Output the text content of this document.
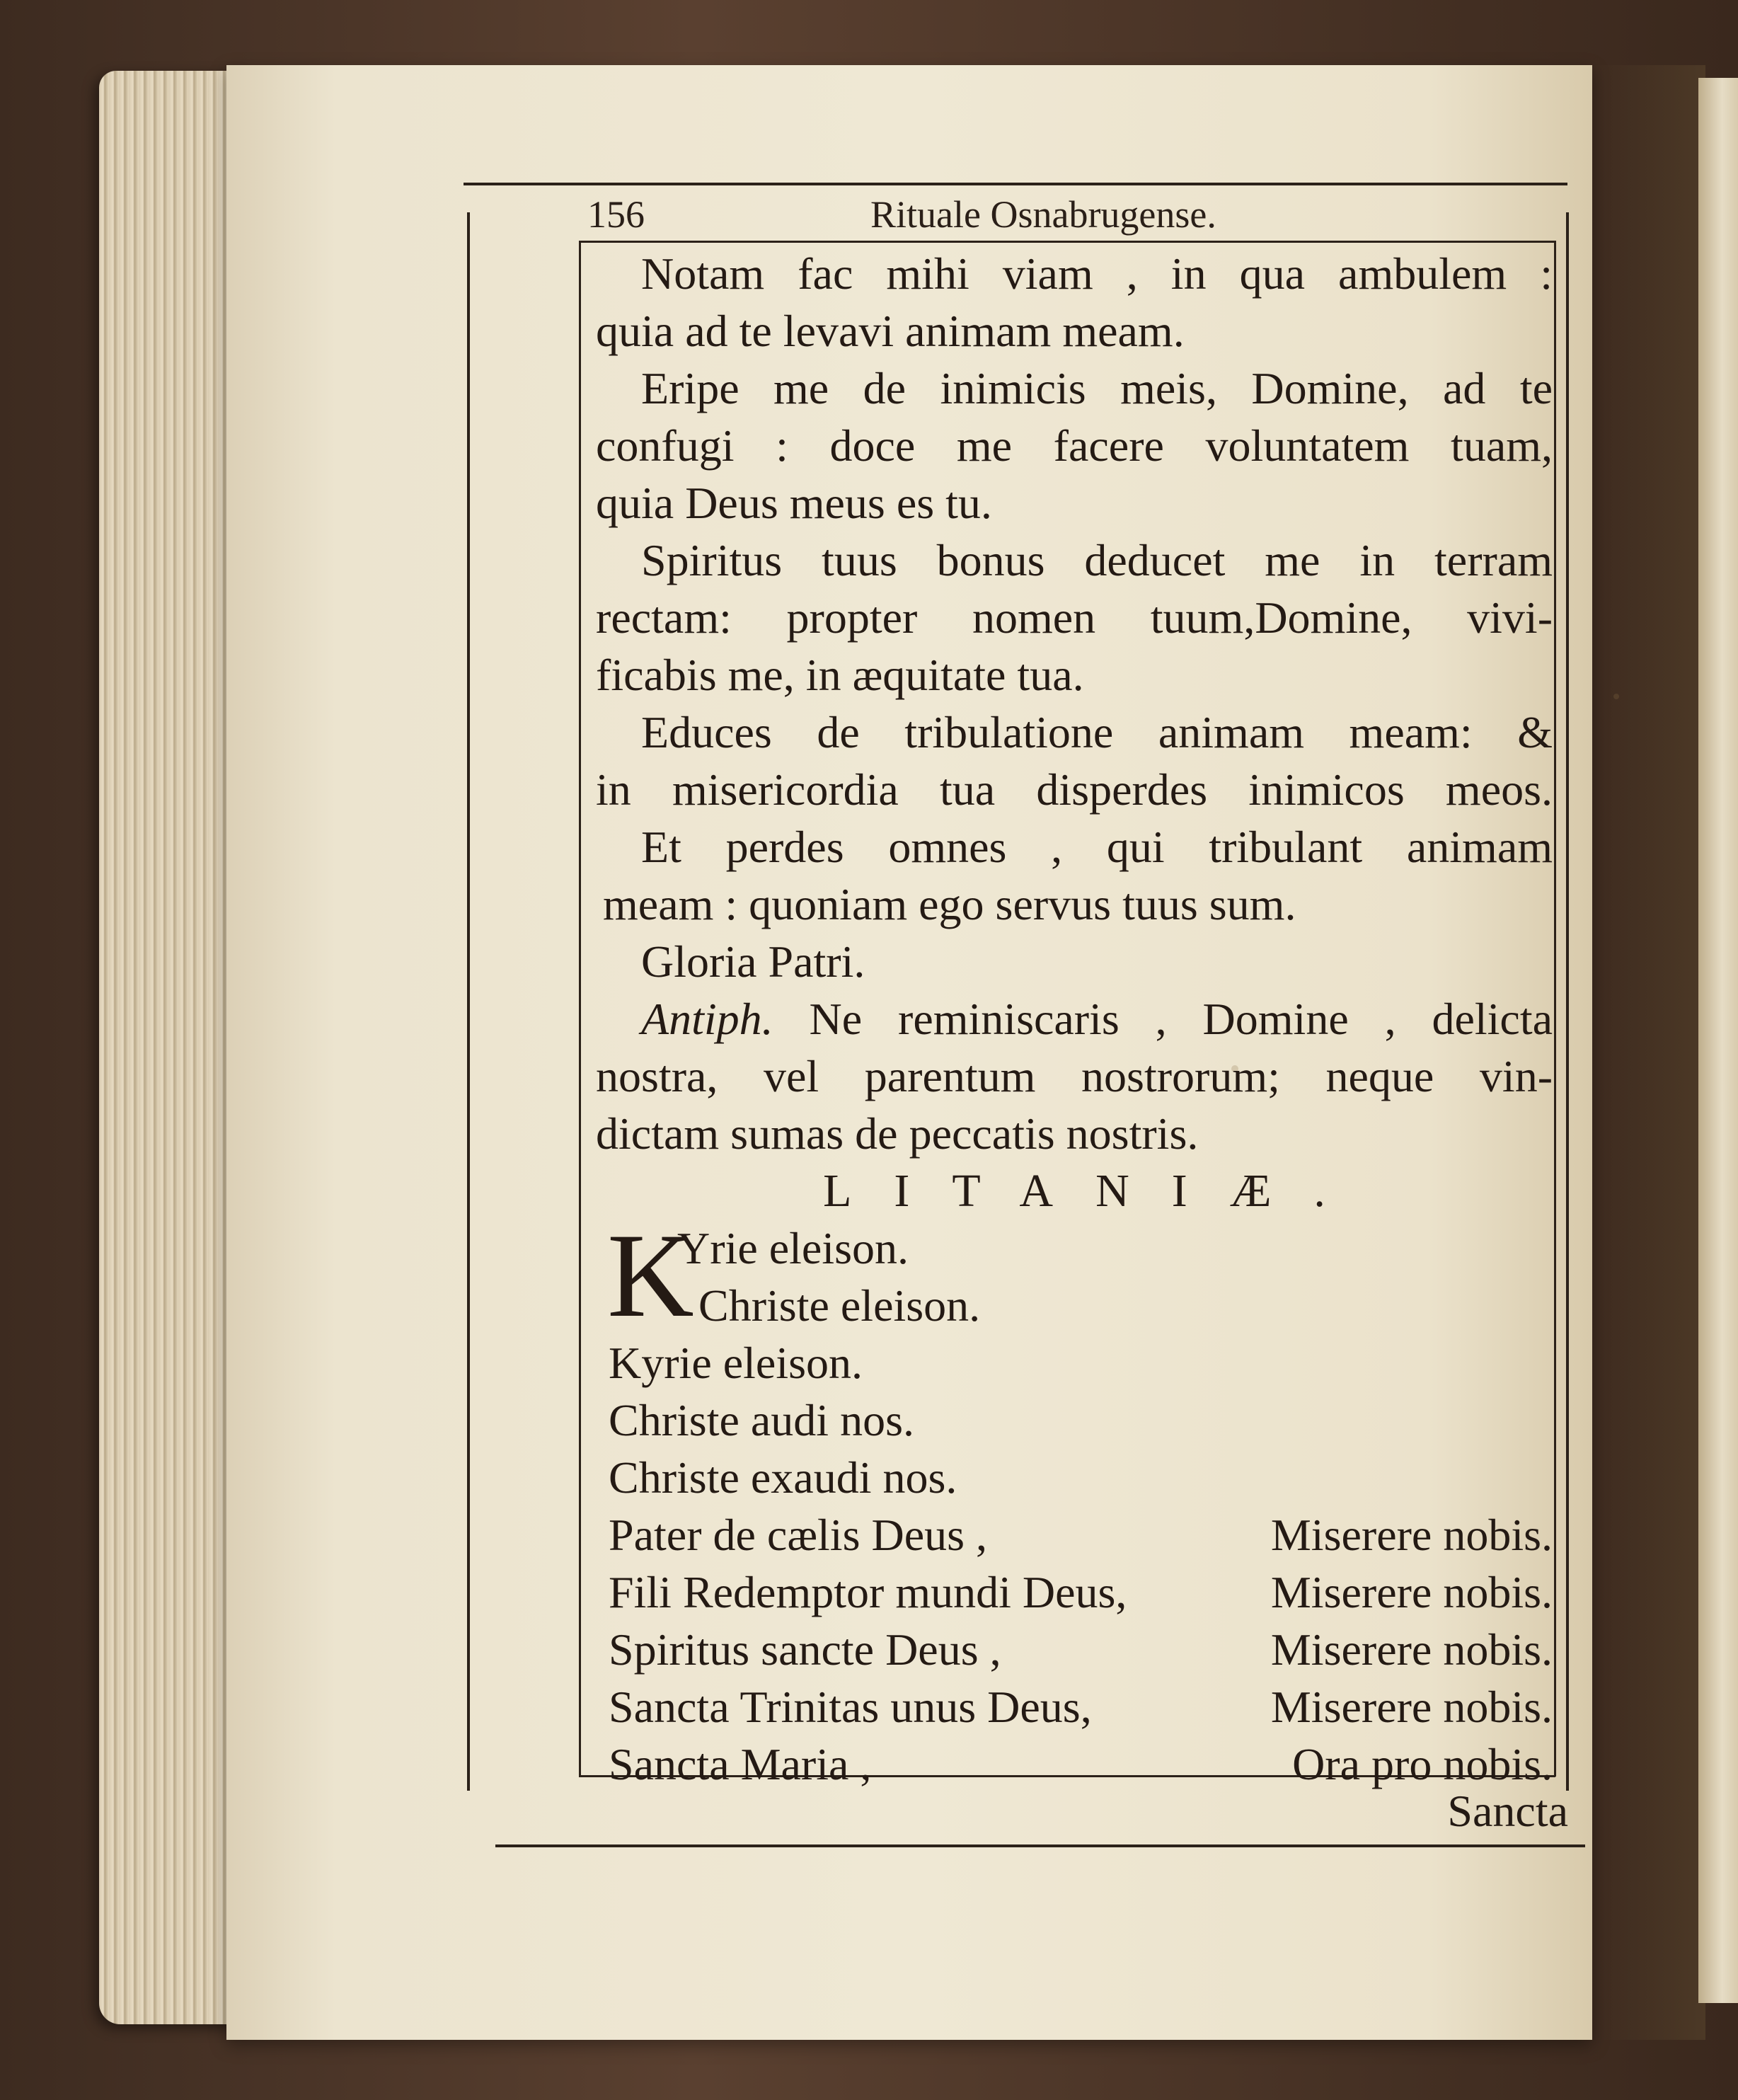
156	Rituale Osnabrugense.
Notam fac mihi viam , in qua ambulem :
quia ad te levavi animam meam.
Eripe me de inimicis meis, Domine, ad te
confugi : doce me facere voluntatem tuam,
quia Deus meus es tu.
Spiritus tuus bonus deducet me in terram
rectam: propter nomen tuum,Domine, vivi-
ficabis me, in æquitate tua.
Educes de tribulatione animam meam: &
in misericordia tua disperdes inimicos meos.
Et perdes omnes , qui tribulant animam
meam : quoniam ego servus tuus sum.
Gloria Patri.
Antiph. Ne reminiscaris , Domine , delicta
nostra, vel parentum nostrorum; neque vin-
dictam sumas de peccatis nostris.
LITANIÆ.
K
Yrie eleison.
Christe eleison.
Kyrie eleison.
Christe audi nos.
Christe exaudi nos.
Pater de cælis Deus ,	Miserere nobis.
Fili Redemptor mundi Deus,	Miserere nobis.
Spiritus sancte Deus ,	Miserere nobis.
Sancta Trinitas unus Deus,	Miserere nobis.
Sancta Maria ,	Ora pro nobis.
Sancta
